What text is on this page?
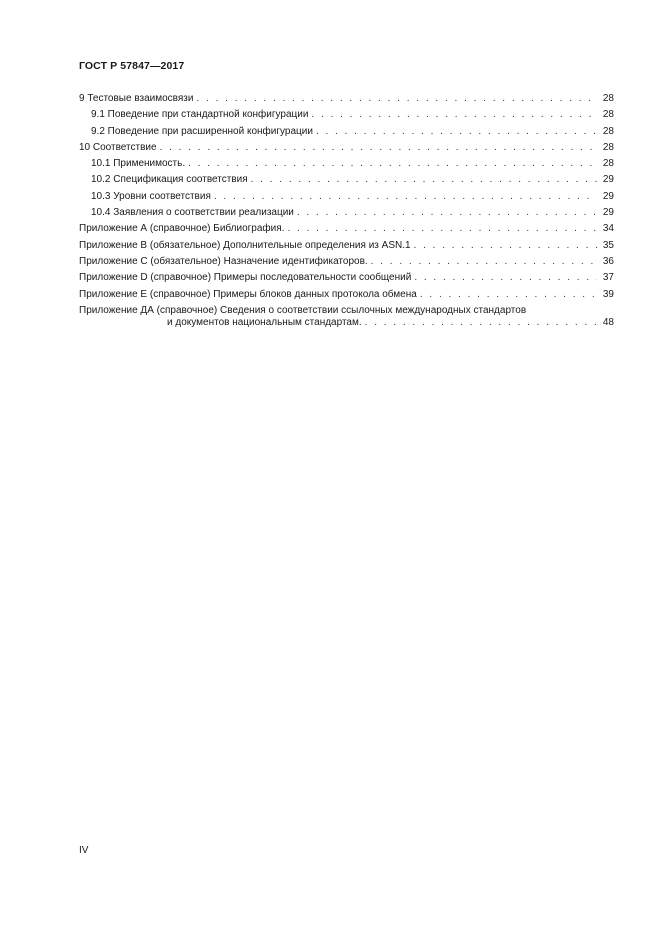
ГОСТ Р 57847—2017
9 Тестовые взаимосвязи . . .	28
9.1 Поведение при стандартной конфигурации . . .	28
9.2 Поведение при расширенной конфигурации . . .	28
10 Соответствие . . .	28
10.1 Применимость. . . .	28
10.2 Спецификация соответствия . . .	29
10.3 Уровни соответствия . . .	29
10.4 Заявления о соответствии реализации . . .	29
Приложение А (справочное) Библиография. . . .	34
Приложение В (обязательное) Дополнительные определения из ASN.1 . . .	35
Приложение С (обязательное) Назначение идентификаторов. . . .	36
Приложение D (справочное) Примеры последовательности сообщений . . .	37
Приложение Е (справочное) Примеры блоков данных протокола обмена . . .	39
Приложение ДА (справочное) Сведения о соответствии ссылочных международных стандартов
и документов национальным стандартам. . . .	48
IV
